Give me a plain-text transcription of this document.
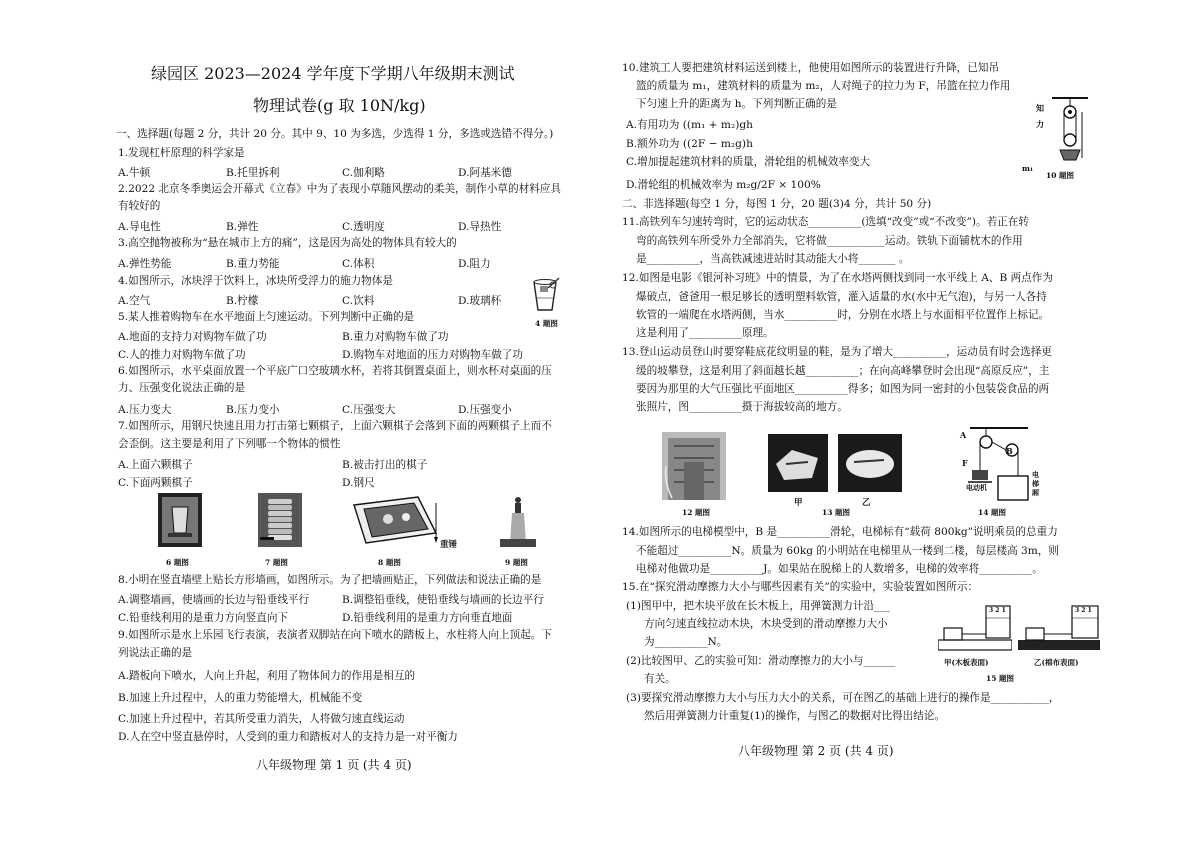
绿园区 2023—2024 学年度下学期八年级期末测试
物理试卷(g 取 10N/kg)
一、选择题(每题 2 分，共计 20 分。其中 9、10 为多选，少选得 1 分，多选或选错不得分。)
1.发现杠杆原理的科学家是
A.牛顿	B.托里拆利	C.伽利略	D.阿基米德
2.2022 北京冬季奥运会开幕式《立春》中为了表现小草随风摆动的柔美，制作小草的材料应具
有较好的
A.导电性	B.弹性	C.透明度	D.导热性
3.高空抛物被称为“悬在城市上方的痛”，这是因为高处的物体具有较大的
A.弹性势能	B.重力势能	C.体积	D.阻力
4.如图所示，冰块浮于饮料上，冰块所受浮力的施力物体是
A.空气	B.柠檬	C.饮料	D.玻璃杯
4 题图
5.某人推着购物车在水平地面上匀速运动。下列判断中正确的是
A.地面的支持力对购物车做了功	B.重力对购物车做了功
C.人的推力对购物车做了功	D.购物车对地面的压力对购物车做了功
6.如图所示，水平桌面放置一个平底广口空玻璃水杯，若将其倒置桌面上，则水杯对桌面的压
力、压强变化说法正确的是
A.压力变大	B.压力变小	C.压强变大	D.压强变小
7.如图所示，用钢尺快速且用力打击第七颗棋子，上面六颗棋子会落到下面的两颗棋子上而不
会歪倒。这主要是利用了下列哪一个物体的惯性
A.上面六颗棋子	B.被击打出的棋子
C.下面两颗棋子	D.钢尺
重锤
6 题图	7 题图	8 题图	9 题图
8.小明在竖直墙壁上贴长方形墙画，如图所示。为了把墙画贴正，下列做法和说法正确的是
A.调整墙画，使墙画的长边与铅垂线平行	B.调整铅垂线，使铅垂线与墙画的长边平行
C.铅垂线利用的是重力方向竖直向下	D.铅垂线利用的是重力方向垂直地面
9.如图所示是水上乐园飞行表演，表演者双脚站在向下喷水的踏板上，水柱将人向上顶起。下
列说法正确的是
A.踏板向下喷水，人向上升起，利用了物体间力的作用是相互的
B.加速上升过程中，人的重力势能增大，机械能不变
C.加速上升过程中，若其所受重力消失，人将做匀速直线运动
D.人在空中竖直悬停时，人受到的重力和踏板对人的支持力是一对平衡力
八年级物理 第 1 页 (共 4 页)
10.建筑工人要把建筑材料运送到楼上，他使用如图所示的装置进行升降，已知吊
篮的质量为 m₁，建筑材料的质量为 m₂，人对绳子的拉力为 F，吊篮在拉力作用
下匀速上升的距离为 h。下列判断正确的是
A.有用功为 ((m₁ + m₂)gh
B.额外功为 ((2F − m₂g)h
C.增加提起建筑材料的质量，滑轮组的机械效率变大
D.滑轮组的机械效率为 m₂g/2F × 100%
知力
m₁
10 题图
二、非选择题(每空 1 分，每图 1 分，20 题(3)4 分，共计 50 分)
11.高铁列车匀速转弯时，它的运动状态__________(选填“改变”或“不改变”)。若正在转
弯的高铁列车所受外力全部消失，它将做___________运动。铁轨下面铺枕木的作用
是__________，当高铁减速进站时其动能大小将_______ 。
12.如图是电影《银河补习班》中的情景，为了在水塔两侧找到同一水平线上 A、B 两点作为
爆破点，爸爸用一根足够长的透明塑料软管，灌入适量的水(水中无气泡)，与另一人各持
软管的一端爬在水塔两侧，当水__________时，分别在水塔上与水面相平位置作上标记。
这是利用了__________原理。
13.登山运动员登山时要穿鞋底花纹明显的鞋，是为了增大__________，运动员有时会选择更
缓的坡攀登，这是利用了斜面越长越__________；在向高峰攀登时会出现“高原反应”，主
要因为那里的大气压强比平面地区__________得多；如图为同一密封的小包装袋食品的两
张照片，图__________摄于海拔较高的地方。
甲	乙
A
B
F
电动机
电梯厢
12 题图	13 题图	14 题图
14.如图所示的电梯模型中，B 是__________滑轮，电梯标有“载荷 800kg”说明乘员的总重力
不能超过__________N。质量为 60kg 的小明站在电梯里从一楼到二楼，每层楼高 3m，则
电梯对他做功是__________J。如果站在脱梯上的人数增多，电梯的效率将__________。
15.在“探究滑动摩擦力大小与哪些因素有关”的实验中，实验装置如图所示：
(1)图甲中，把木块平放在长木板上，用弹簧测力计沿___
方向匀速直线拉动木块，木块受到的滑动摩擦力大小
为__________N。
(2)比较图甲、乙的实验可知：滑动摩擦力的大小与______
有关。
(3)要探究滑动摩擦力大小与压力大小的关系，可在图乙的基础上进行的操作是___________，
然后用弹簧测力计重复(1)的操作，与图乙的数据对比得出结论。
3 2 1	3 2 1
甲(木板表面)	乙(棉布表面)
15 题图
八年级物理 第 2 页 (共 4 页)
